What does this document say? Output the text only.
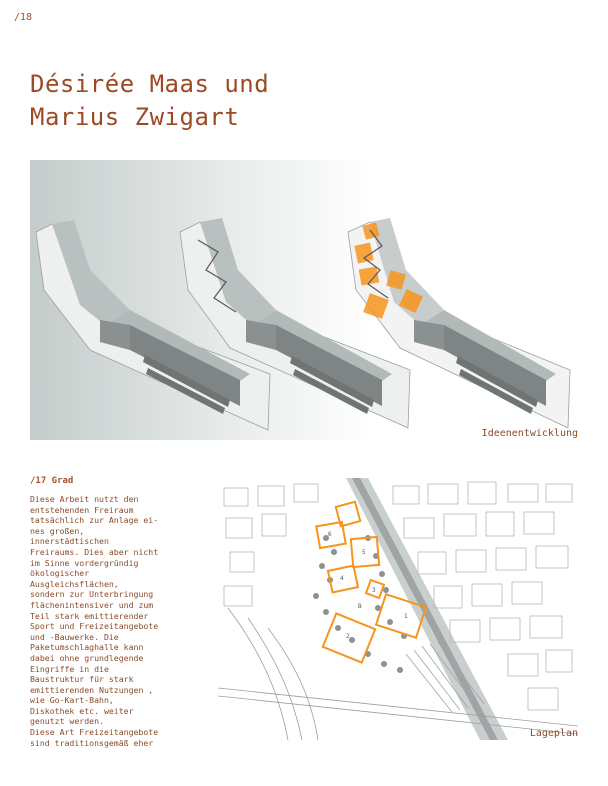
/18
Désirée Maas und
Marius Zwigart
Ideenentwicklung
/17 Grad

Diese Arbeit nutzt den

entstehenden Freiraum

tatsächlich zur Anlage ei-

nes großen,

innerstädtischen

Freiraums. Dies aber nicht

im Sinne vordergründig

ökologischer

Ausgleichsflächen,

sondern zur Unterbringung

flächenintensiver und zum

Teil stark emittierender

Sport und Freizeitangebote

und -Bauwerke. Die

Paketumschlaghalle kann

dabei ohne grundlegende

Eingriffe in die

Baustruktur für stark

emittierenden Nutzungen ,

wie Go-Kart-Bahn,

Diskothek etc. weiter

genutzt werden.

Diese Art Freizeitangebote

sind traditionsgemäß eher

1
2
3
4
5
6
B
Lageplan
